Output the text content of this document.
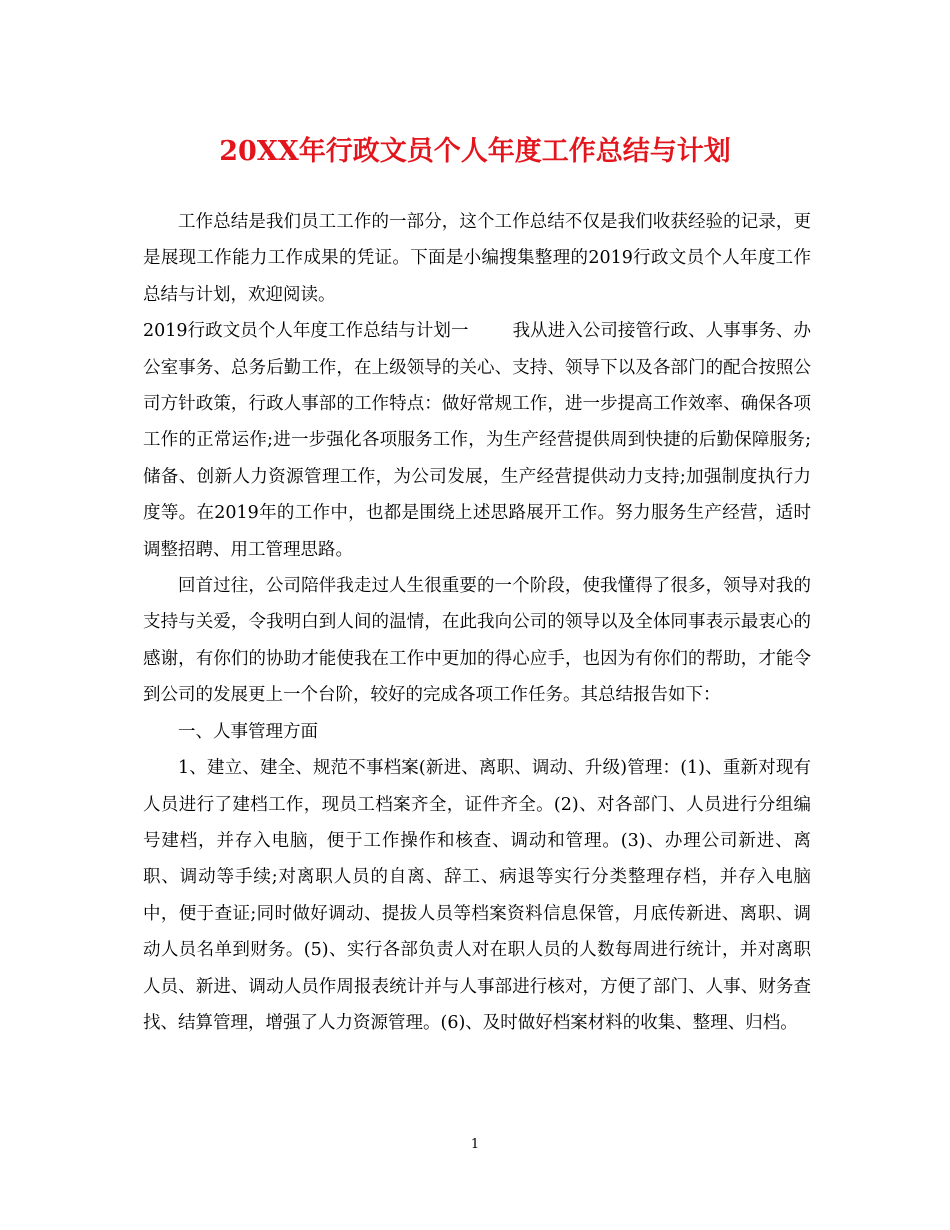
20XX年行政文员个人年度工作总结与计划

工作总结是我们员工工作的一部分，这个工作总结不仅是我们收获经验的记录，更是展现工作能力工作成果的凭证。下面是小编搜集整理的2019行政文员个人年度工作总结与计划，欢迎阅读。

2019行政文员个人年度工作总结与计划一	我从进入公司接管行政、人事事务、办公室事务、总务后勤工作，在上级领导的关心、支持、领导下以及各部门的配合按照公司方针政策，行政人事部的工作特点：做好常规工作，进一步提高工作效率、确保各项工作的正常运作;进一步强化各项服务工作，为生产经营提供周到快捷的后勤保障服务;储备、创新人力资源管理工作，为公司发展，生产经营提供动力支持;加强制度执行力度等。在2019年的工作中，也都是围绕上述思路展开工作。努力服务生产经营，适时调整招聘、用工管理思路。

回首过往，公司陪伴我走过人生很重要的一个阶段，使我懂得了很多，领导对我的支持与关爱，令我明白到人间的温情，在此我向公司的领导以及全体同事表示最衷心的感谢，有你们的协助才能使我在工作中更加的得心应手，也因为有你们的帮助，才能令到公司的发展更上一个台阶，较好的完成各项工作任务。其总结报告如下：

一、人事管理方面

1、建立、建全、规范不事档案(新进、离职、调动、升级)管理：(1)、重新对现有人员进行了建档工作，现员工档案齐全，证件齐全。(2)、对各部门、人员进行分组编号建档，并存入电脑，便于工作操作和核查、调动和管理。(3)、办理公司新进、离职、调动等手续;对离职人员的自离、辞工、病退等实行分类整理存档，并存入电脑中，便于查证;同时做好调动、提拔人员等档案资料信息保管，月底传新进、离职、调动人员名单到财务。(5)、实行各部负责人对在职人员的人数每周进行统计，并对离职人员、新进、调动人员作周报表统计并与人事部进行核对，方便了部门、人事、财务查找、结算管理，增强了人力资源管理。(6)、及时做好档案材料的收集、整理、归档。

1
